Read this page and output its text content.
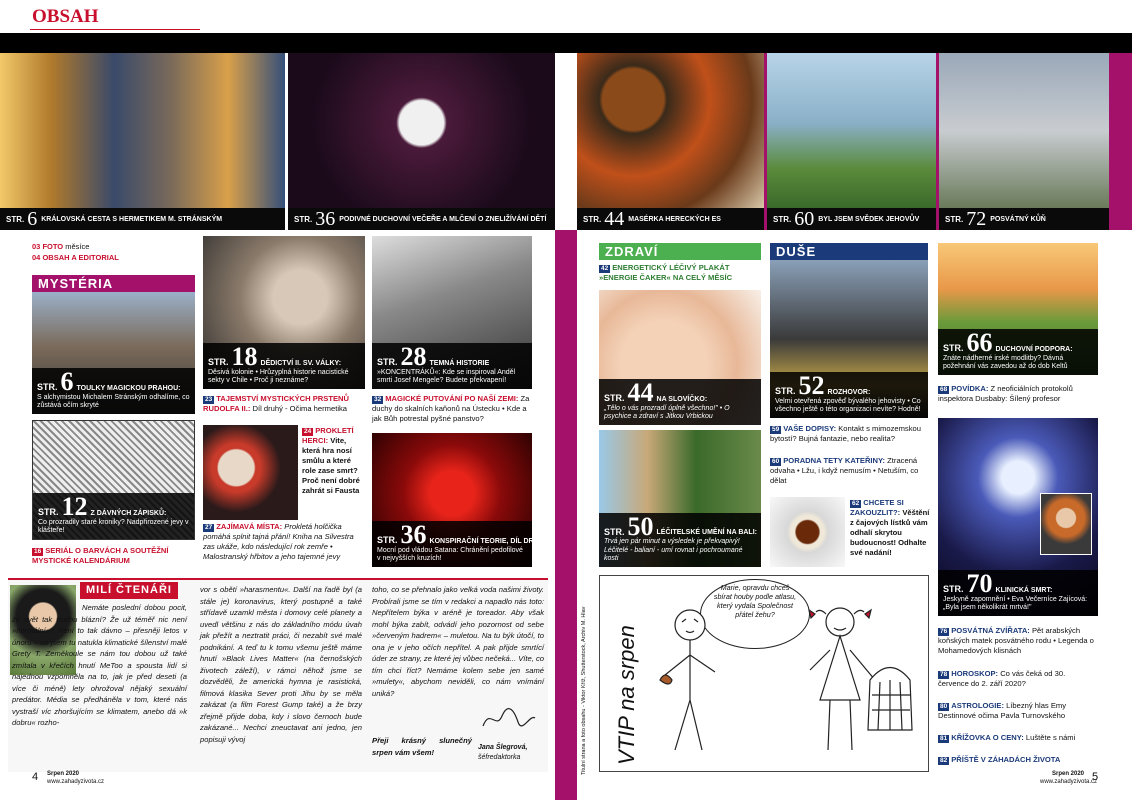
OBSAH
STR. 6 KRÁLOVSKÁ CESTA S HERMETIKEM M. STRÁNSKÝM	STR. 36 PODIVNÉ DUCHOVNÍ VEČEŘE A MLČENÍ O ZNELIŽÍVÁNÍ DĚTÍ	STR. 44 MASÉRKA HERECKÝCH ES	STR. 60 BYL JSEM SVĚDEK JEHOVŮV	STR. 72 POSVÁTNÝ KŮŇ
03 FOTO měsíce
04 OBSAH A EDITORIAL
MYSTÉRIA
STR. 6 TOULKY MAGICKOU PRAHOU:
S alchymistou Michalem Stránským odhalíme, co zůstává očím skryté
STR. 12 Z DÁVNÝCH ZÁPISKŮ:
Co prozradily staré kroniky? Nadpřirozené jevy v klášteře!
16 SERIÁL O BARVÁCH A SOUTĚŽNÍ MYSTICKÉ KALENDÁRIUM
STR. 18 DĚDICTVÍ II. SV. VÁLKY:
Děsivá kolonie • Hrůzyplná historie nacistické sekty v Chile • Proč ji neznáme?
23 TAJEMSTVÍ MYSTICKÝCH PRSTENŮ RUDOLFA II.: Díl druhý - Očima hermetika
24 PROKLETÍ HERCI: Vite, která hra nosí smůlu a které role zase smrt? Proč není dobré zahrát si Fausta
27 ZAJÍMAVÁ MÍSTA: Prokletá holčička pomáhá splnit tajná přání! Kniha na Silvestra zas ukáže, kdo následující rok zemře • Malostranský hřbitov a jeho tajemné jevy
STR. 28 TEMNÁ HISTORIE
»KONCENTRÁKŮ«: Kde se inspiroval Anděl smrti Josef Mengele? Budete překvapení!
32 MAGICKÉ PUTOVÁNÍ PO NAŠÍ ZEMI: Za duchy do skalních kaňonů na Ústecku • Kde a jak Bůh potrestal pyšné panstvo?
STR. 36 KONSPIRAČNÍ TEORIE, DÍL DRUHÝ:
Mocní pod vládou Satana: Chránění pedofilové v nejvyšších kruzích!
MILÍ ČTENÁŘI
Nemáte poslední dobou pocit, že svět tak trochu blázní? Že už téměř nic není »normální«? Není to tak dávno – přesněji letos v únoru – co jsem tu natukla klimatické šílenství malé Grety T. Zeměkoule se nám tou dobou už také zmítala v křečích hnutí MeToo a spousta lidí si najednou vzpomněla na to, jak je před deseti (a více či méně) lety ohrožoval nějaký sexuální predátor. Média se předháněla v tom, které nás vystraší víc zhoršujícím se klimatem, anebo dá »k dobru« rozho-
vor s obětí »harasmentu«. Další na řadě byl (a stále je) koronavirus, který postupně a také střídavě uzamkl města i domovy celé planety a uvedl většinu z nás do základního módu úvah jak přežít a neztratit práci, či nezabít své malé podnikání. A teď tu k tomu všemu ještě máme hnutí »Black Lives Matter« (na černošských životech záleží), v rámci něhož jsme se dozvěděli, že americká hymna je rasistická, filmová klasika Sever proti Jihu by se měla zakázat (a film Forest Gump také) a že brzy zřejmě přijde doba, kdy i slovo černoch bude zakázané... Nechci zneuctavat ani jedno, jen popisuji vývoj
toho, co se přehnalo jako velká voda našimi životy. Probírali jsme se tím v redakci a napadlo nás toto: Nepřítelem býka v aréně je toreador. Aby však mohl býka zabít, odvádí jeho pozornost od sebe »červeným hadrem« – muletou. Na tu býk útočí, to ona je v jeho očích nepřítel. A pak přijde smrtící úder ze strany, ze které jej vůbec nečeká... Víte, co tím chci říct? Nemáme kolem sebe jen samé »muletу«, abychom neviděli, co nám vnímání uniká?
Přeji krásný slunečný srpen vám všem!
Jana Šlegrová,
šéfredaktorka
4 Srpen 2020
www.zahadyzivota.cz
ZDRAVÍ
42 ENERGETICKÝ LÉČIVÝ PLAKÁT »ENERGIE ČAKER« NA CELÝ MĚSÍC
STR. 44 NA SLOVÍČKO:
„Tělo o vás prozradí úplně všechno!" • O psychice a zdraví s Jitkou Vrbickou
STR. 50 LÉČITELSKÉ UMĚNÍ NA BALI:
Trvá jen pár minut a výsledek je překvapivý! Léčitelé - balianí - umí rovnat i pochroumané kosti
DUŠE
STR. 52 ROZHOVOR:
Velmi otevřená zpověď bývalého jehovisty • Co všechno ještě o této organizaci nevíte? Hodně!
59 VAŠE DOPISY: Kontakt s mimozemskou bytostí? Bujná fantazie, nebo realita?
60 PORADNA TETY KATEŘINY: Ztracená odvaha • Lžu, i když nemusím • Netuším, co dělat
62 CHCETE SI ZAKOUZLIT?: Věštění z čajových lístků vám odhalí skrytou budoucnost! Odhalte své nadání!
STR. 66 DUCHOVNÍ PODPORA:
Znáte nádherné irské modlitby? Dávná požehnání vás zavedou až do dob Keltů
68 POVÍDKA: Z neoficiálních protokolů inspektora Dusbaby: Šílený profesor
STR. 70 KLINICKÁ SMRT:
Jeskyně zapomnění • Eva Večerníce Zajícová: „Byla jsem několikrát mrtvá!"
76 POSVÁTNÁ ZVÍŘATA: Pět arabských koňských matek posvátného rodu • Legenda o Mohamedových klisnách
78 HOROSKOP: Co vás čeká od 30. července do 2. září 2020?
80 ASTROLOGIE: Líbezný hlas Emy Destinnové očima Pavla Turnovského
81 KŘÍŽOVKA O CENY: Luštěte s námi
82 PŘÍŠTĚ V ZÁHADÁCH ŽIVOTA
Titulní strana a foto obsahu - Viktor Kříž, Shutterstock, Archiv M. Hlav VTIP na srpen
Marie, opravdu chceš sbírat houby podle atlasu, který vydala Společnost přátel žehu?
Srpen 2020
www.zahadyzivota.cz
5
